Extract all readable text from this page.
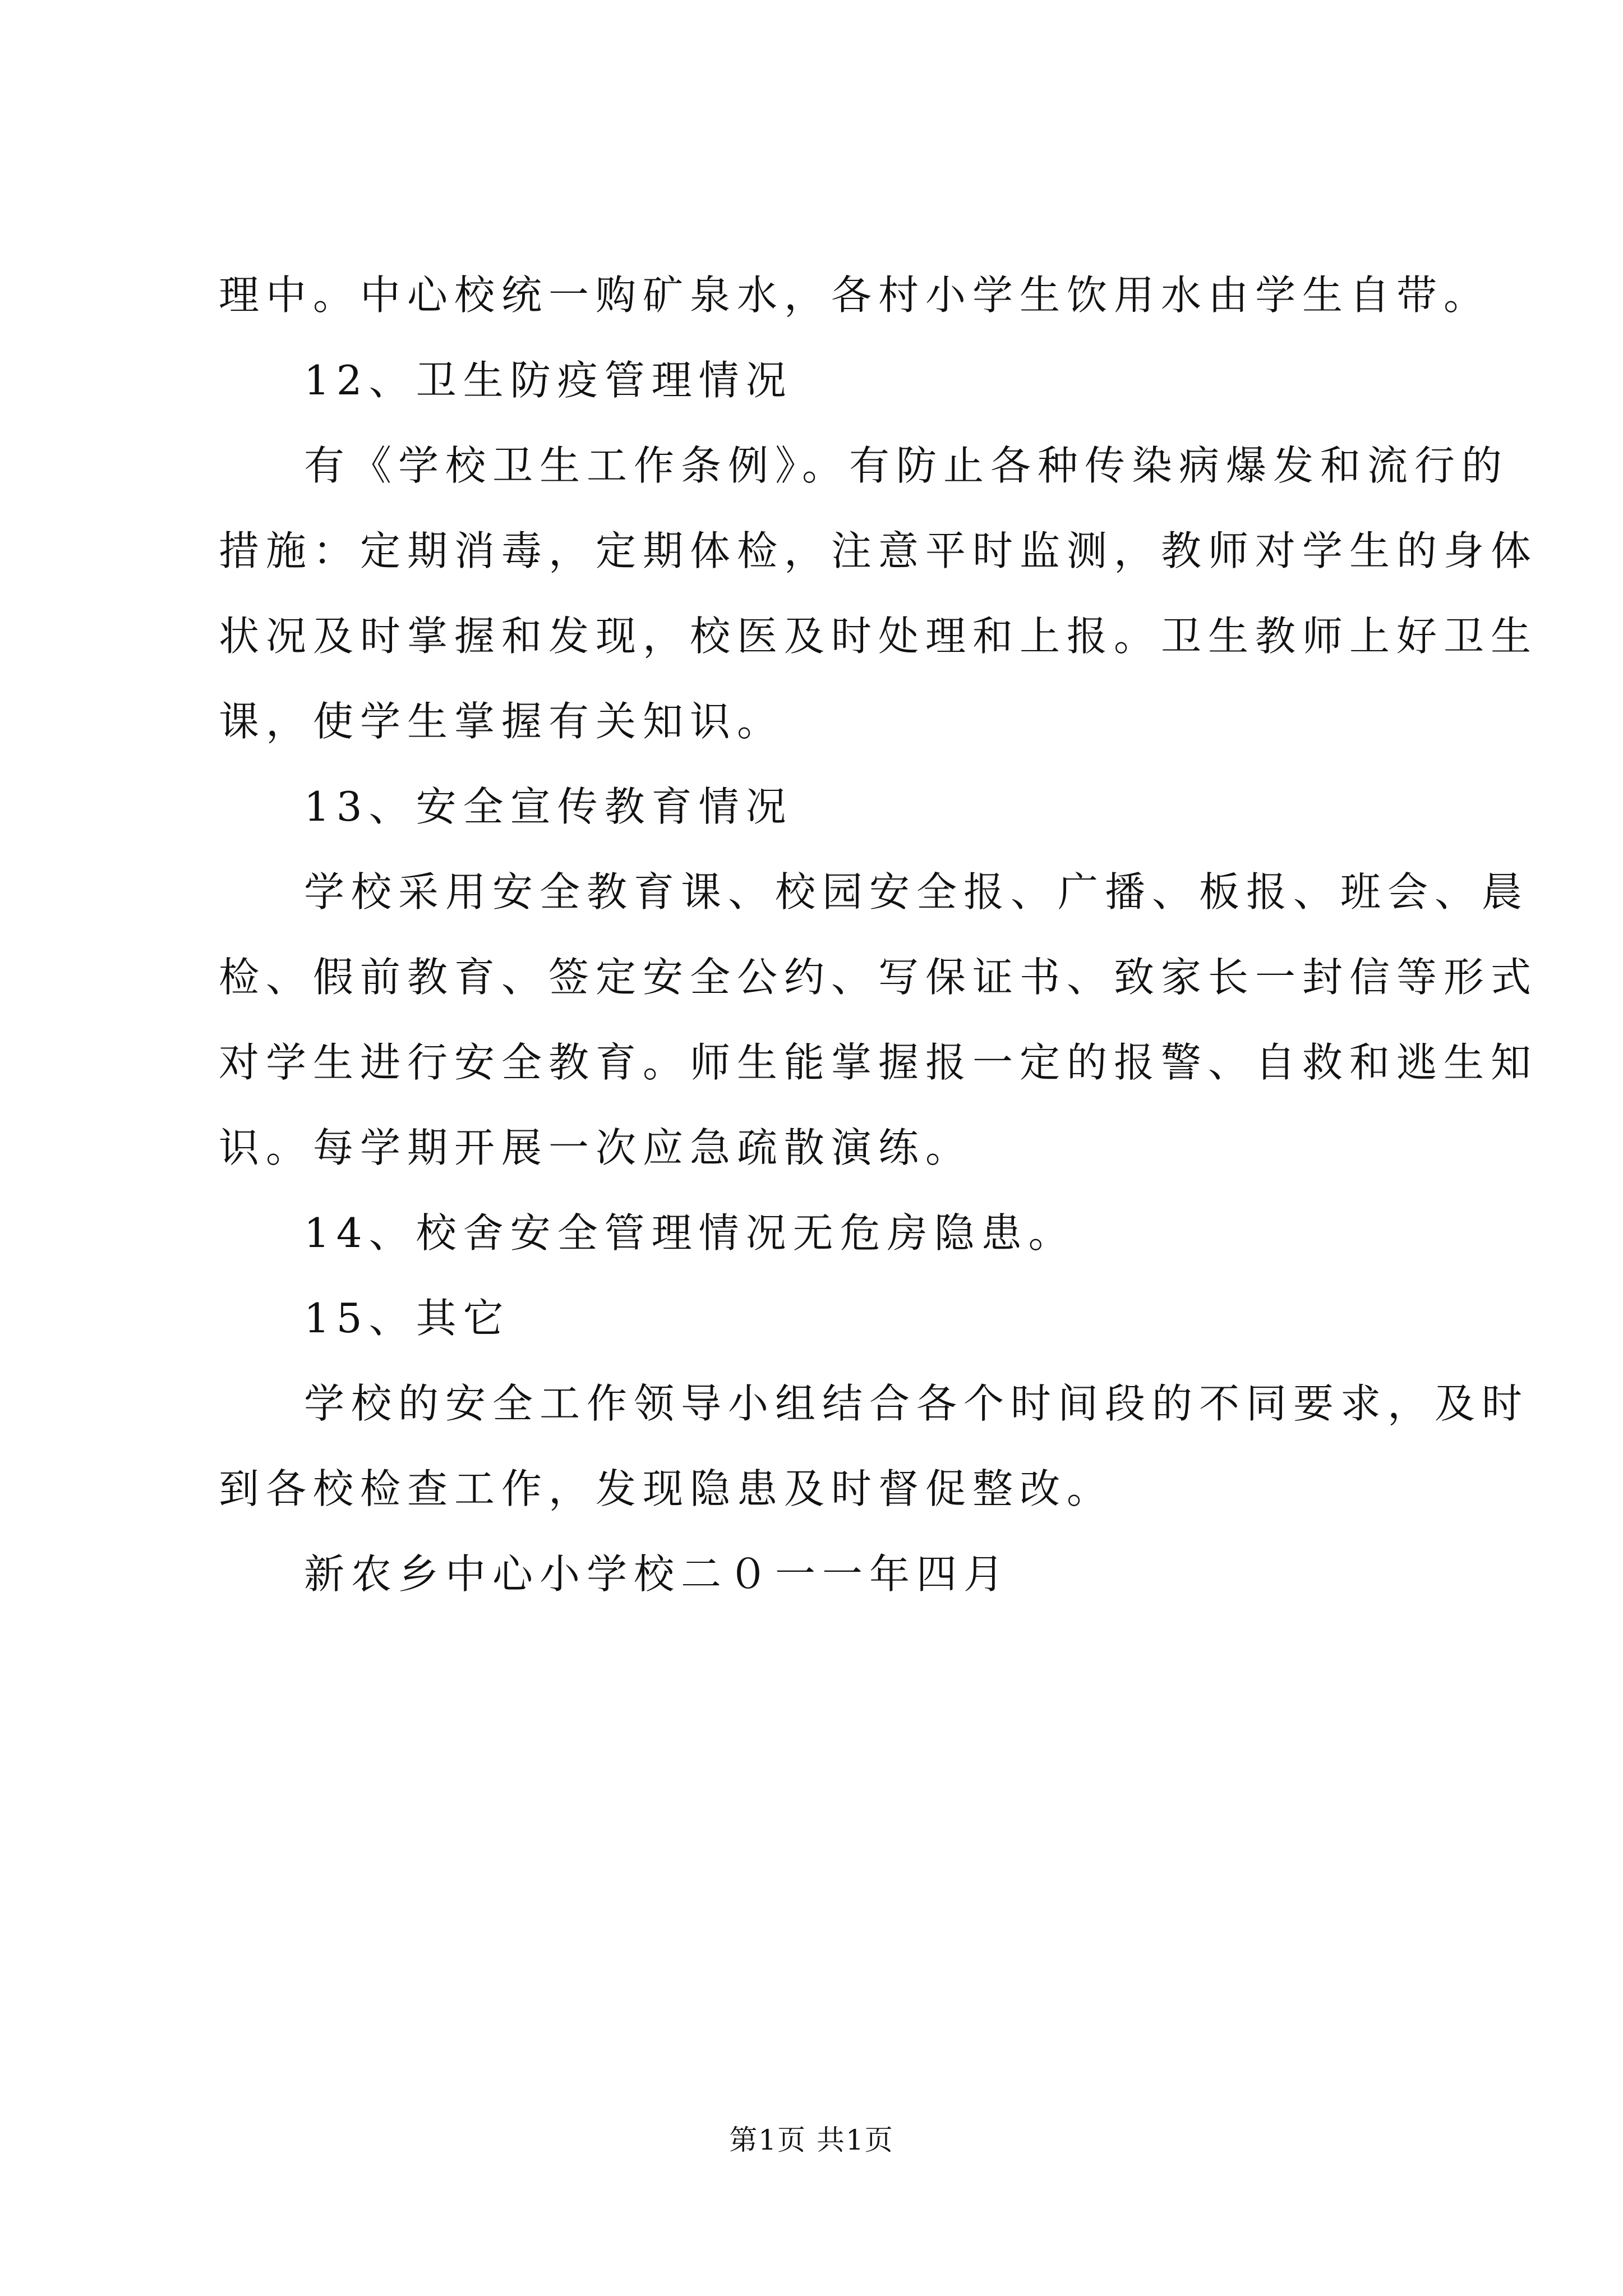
理中。中心校统一购矿泉水，各村小学生饮用水由学生自带。
12、卫生防疫管理情况
有《学校卫生工作条例》。有防止各种传染病爆发和流行的
措施：定期消毒，定期体检，注意平时监测，教师对学生的身体
状况及时掌握和发现，校医及时处理和上报。卫生教师上好卫生
课，使学生掌握有关知识。
13、安全宣传教育情况
学校采用安全教育课、校园安全报、广播、板报、班会、晨
检、假前教育、签定安全公约、写保证书、致家长一封信等形式
对学生进行安全教育。师生能掌握报一定的报警、自救和逃生知
识。每学期开展一次应急疏散演练。
14、校舍安全管理情况无危房隐患。
15、其它
学校的安全工作领导小组结合各个时间段的不同要求，及时
到各校检查工作，发现隐患及时督促整改。
新农乡中心小学校二０一一年四月
第1页 共1页
